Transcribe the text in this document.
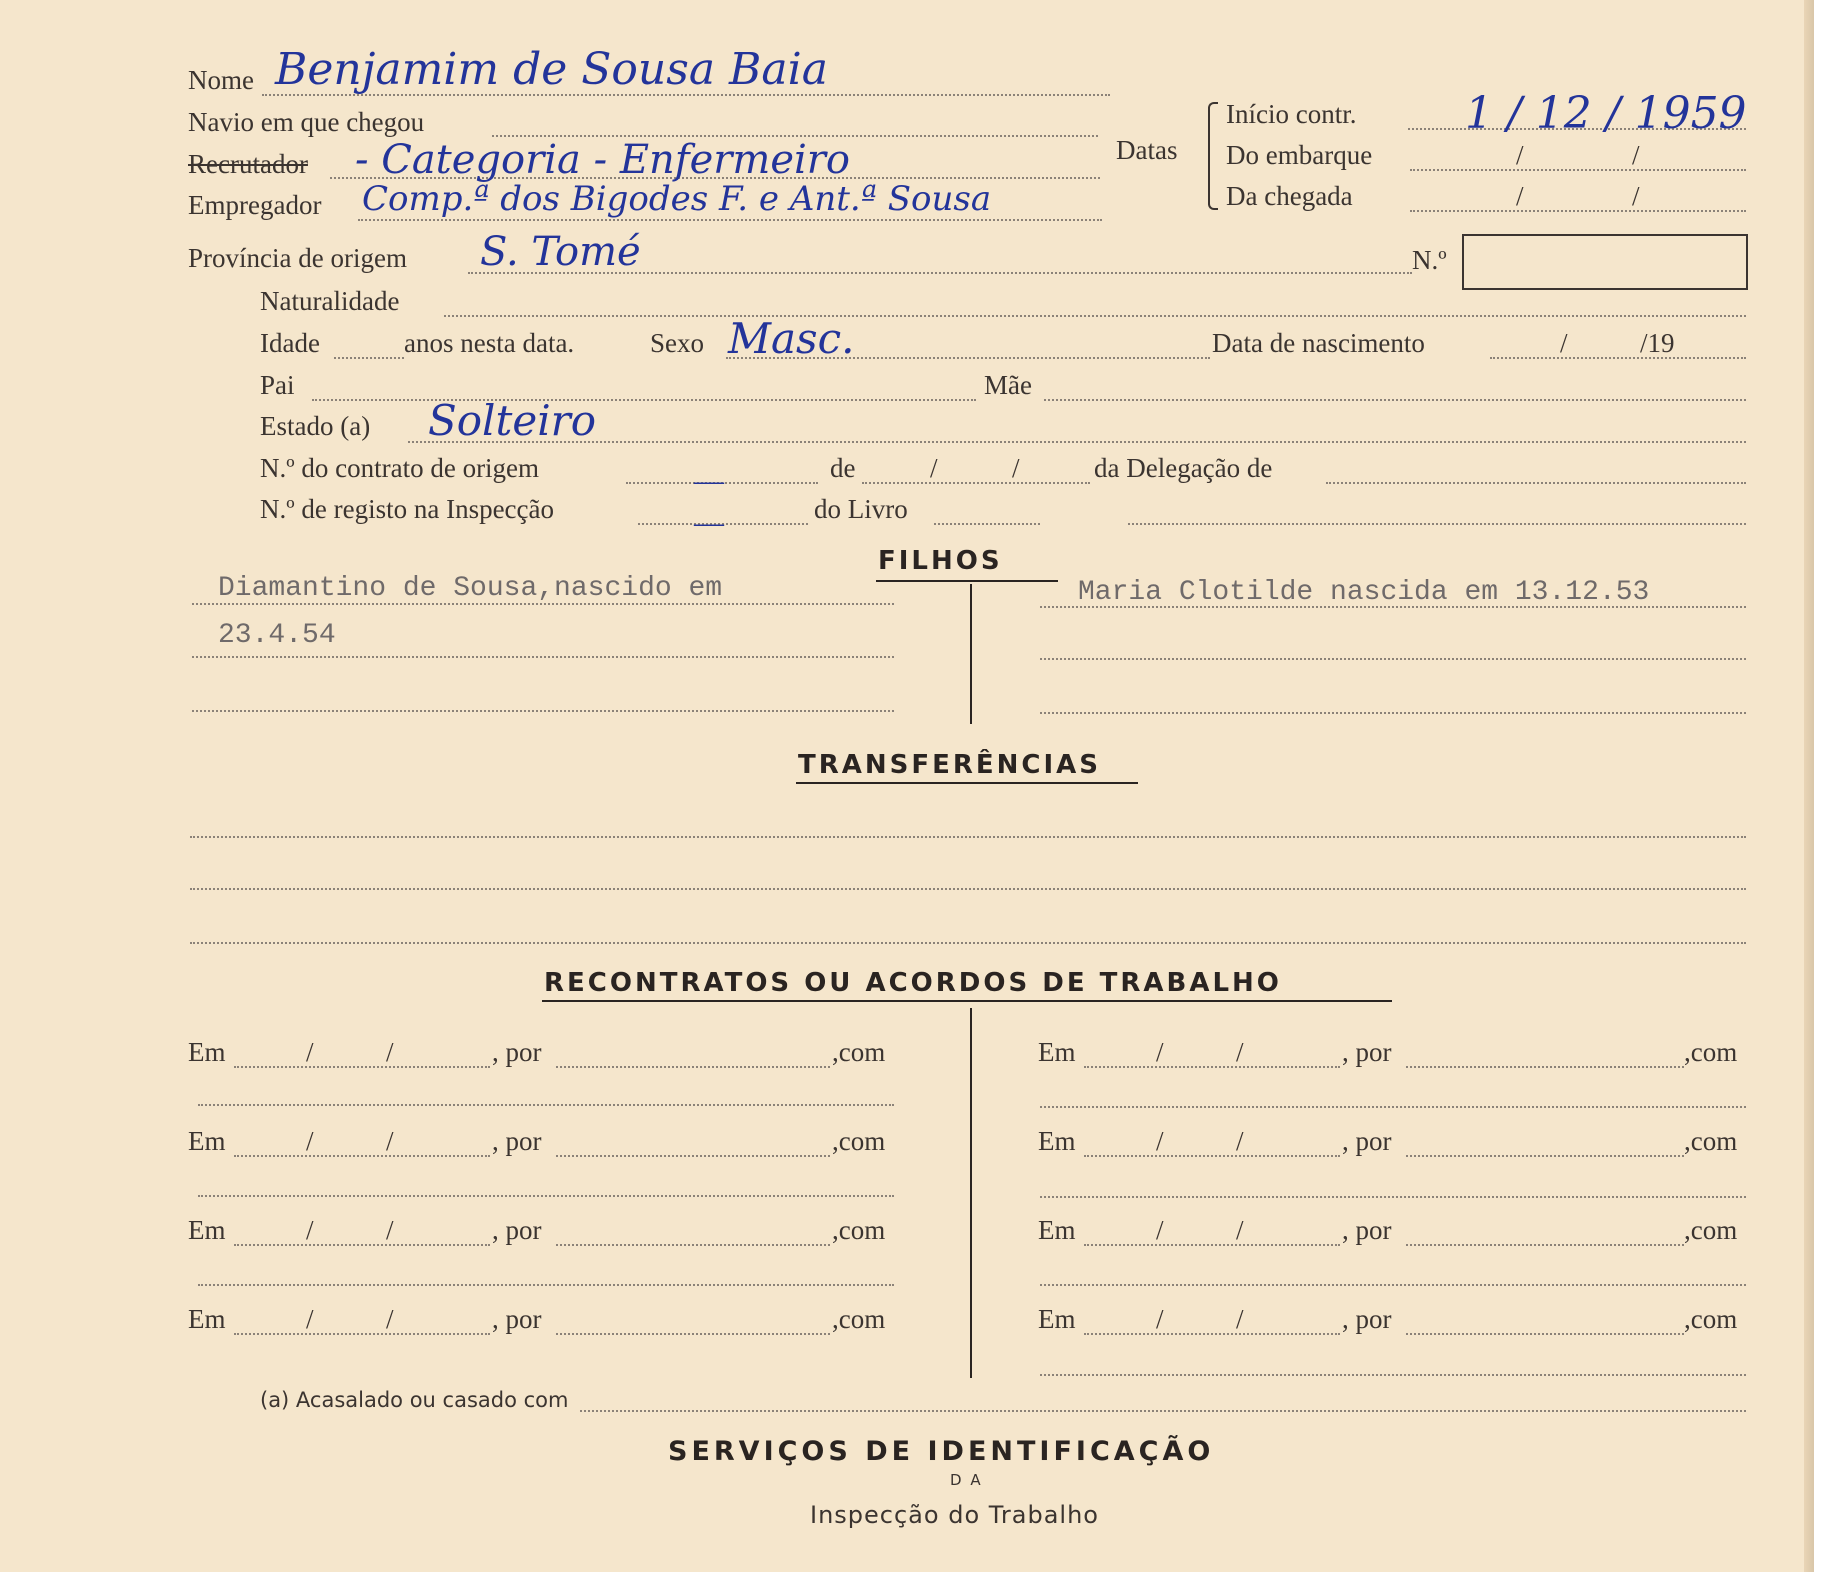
Nome Benjamim de Sousa Baia
Navio em que chegou
Recrutador - Categoria - Enfermeiro
Empregador Comp.ª dos Bigodes F. e Ant.ª Sousa
Datas
Início contr. 1 / 12 / 1959
Do embarque	/	/
Da chegada	/	/
Província de origem S. Tomé	N.º
Naturalidade
Idade	anos nesta data.	Sexo Masc.	Data de nascimento	/	/19
Pai	Mãe
Estado (a) Solteiro
N.º do contrato de origem	—	de	/	/	da Delegação de
N.º de registo na Inspecção	—	do Livro
FILHOS
Diamantino de Sousa,nascido em
23.4.54
Maria Clotilde nascida em 13.12.53
TRANSFERÊNCIAS
RECONTRATOS OU ACORDOS DE TRABALHO
Em	/	/	, por	,com
Em	/	/	, por	,com
Em	/	/	, por	,com
Em	/	/	, por	,com
Em	/	/	, por	,com
Em	/	/	, por	,com
Em	/	/	, por	,com
Em	/	/	, por	,com
(a) Acasalado ou casado com
SERVIÇOS DE IDENTIFICAÇÃO
D A
Inspecção do Trabalho
